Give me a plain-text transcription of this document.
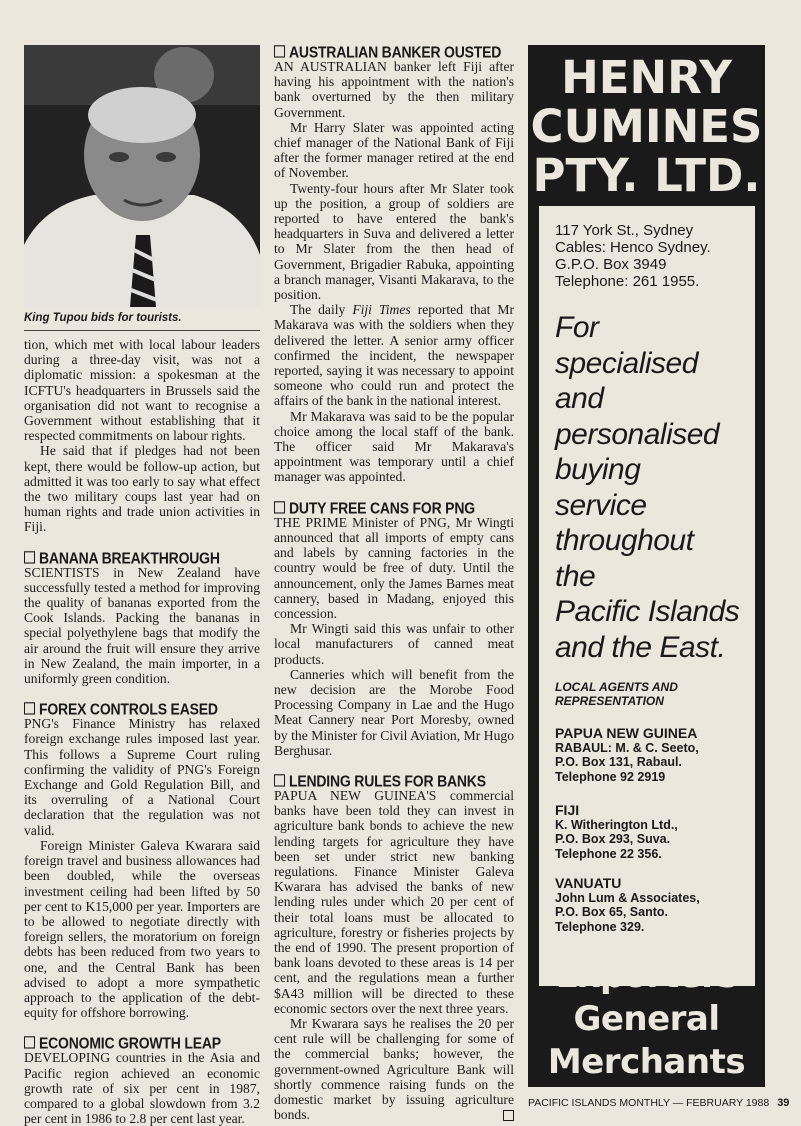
King Tupou bids for tourists.

tion, which met with local labour leaders during a three-day visit, was not a diplomatic mission: a spokesman at the ICFTU's headquarters in Brussels said the organisation did not want to recognise a Government without establishing that it respected commitments on labour rights.

He said that if pledges had not been kept, there would be follow-up action, but admitted it was too early to say what effect the two military coups last year had on human rights and trade union activities in Fiji.

BANANA BREAKTHROUGH

SCIENTISTS in New Zealand have successfully tested a method for improving the quality of bananas exported from the Cook Islands. Packing the bananas in special polyethylene bags that modify the air around the fruit will ensure they arrive in New Zealand, the main importer, in a uniformly green condition.

FOREX CONTROLS EASED

PNG's Finance Ministry has relaxed foreign exchange rules imposed last year. This follows a Supreme Court ruling confirming the validity of PNG's Foreign Exchange and Gold Regulation Bill, and its overruling of a National Court declaration that the regulation was not valid.

Foreign Minister Galeva Kwarara said foreign travel and business allowances had been doubled, while the overseas investment ceiling had been lifted by 50 per cent to K15,000 per year. Importers are to be allowed to negotiate directly with foreign sellers, the moratorium on foreign debts has been reduced from two years to one, and the Central Bank has been advised to adopt a more sympathetic approach to the application of the debt-equity for offshore borrowing.

ECONOMIC GROWTH LEAP

DEVELOPING countries in the Asia and Pacific region achieved an economic growth rate of six per cent in 1987, compared to a global slowdown from 3.2 per cent in 1986 to 2.8 per cent last year.

AUSTRALIAN BANKER OUSTED

AN AUSTRALIAN banker left Fiji after having his appointment with the nation's bank overturned by the then military Government.

Mr Harry Slater was appointed acting chief manager of the National Bank of Fiji after the former manager retired at the end of November.

Twenty-four hours after Mr Slater took up the position, a group of soldiers are reported to have entered the bank's headquarters in Suva and delivered a letter to Mr Slater from the then head of Government, Brigadier Rabuka, appointing a branch manager, Visanti Makarava, to the position.

The daily Fiji Times reported that Mr Makarava was with the soldiers when they delivered the letter. A senior army officer confirmed the incident, the newspaper reported, saying it was necessary to appoint someone who could run and protect the affairs of the bank in the national interest.

Mr Makarava was said to be the popular choice among the local staff of the bank. The officer said Mr Makarava's appointment was temporary until a chief manager was appointed.

DUTY FREE CANS FOR PNG

THE PRIME Minister of PNG, Mr Wingti announced that all imports of empty cans and labels by canning factories in the country would be free of duty. Until the announcement, only the James Barnes meat cannery, based in Madang, enjoyed this concession.

Mr Wingti said this was unfair to other local manufacturers of canned meat products.

Canneries which will benefit from the new decision are the Morobe Food Processing Company in Lae and the Hugo Meat Cannery near Port Moresby, owned by the Minister for Civil Aviation, Mr Hugo Berghusar.

LENDING RULES FOR BANKS

PAPUA NEW GUINEA'S commercial banks have been told they can invest in agriculture bank bonds to achieve the new lending targets for agriculture they have been set under strict new banking regulations. Finance Minister Galeva Kwarara has advised the banks of new lending rules under which 20 per cent of their total loans must be allocated to agriculture, forestry or fisheries projects by the end of 1990. The present proportion of bank loans devoted to these areas is 14 per cent, and the regulations mean a further $A43 million will be directed to these economic sectors over the next three years.

Mr Kwarara says he realises the 20 per cent rule will be challenging for some of the commercial banks; however, the government-owned Agriculture Bank will shortly commence raising funds on the domestic market by issuing agriculture bonds.

HENRY
CUMINES
PTY. LTD.
117 York St., Sydney
Cables: Henco Sydney.
G.P.O. Box 3949
Telephone: 261 1955.
For
specialised
and
personalised
buying
service
throughout
the
Pacific Islands
and the East.
LOCAL AGENTS AND
REPRESENTATION
PAPUA NEW GUINEA
RABAUL: M. & C. Seeto,
P.O. Box 131, Rabaul.
Telephone 92 2919
FIJI
K. Witherington Ltd.,
P.O. Box 293, Suva.
Telephone 22 356.
VANUATU
John Lum & Associates,
P.O. Box 65, Santo.
Telephone 329.
Exporters
General
Merchants
PACIFIC ISLANDS MONTHLY — FEBRUARY 1988 39
